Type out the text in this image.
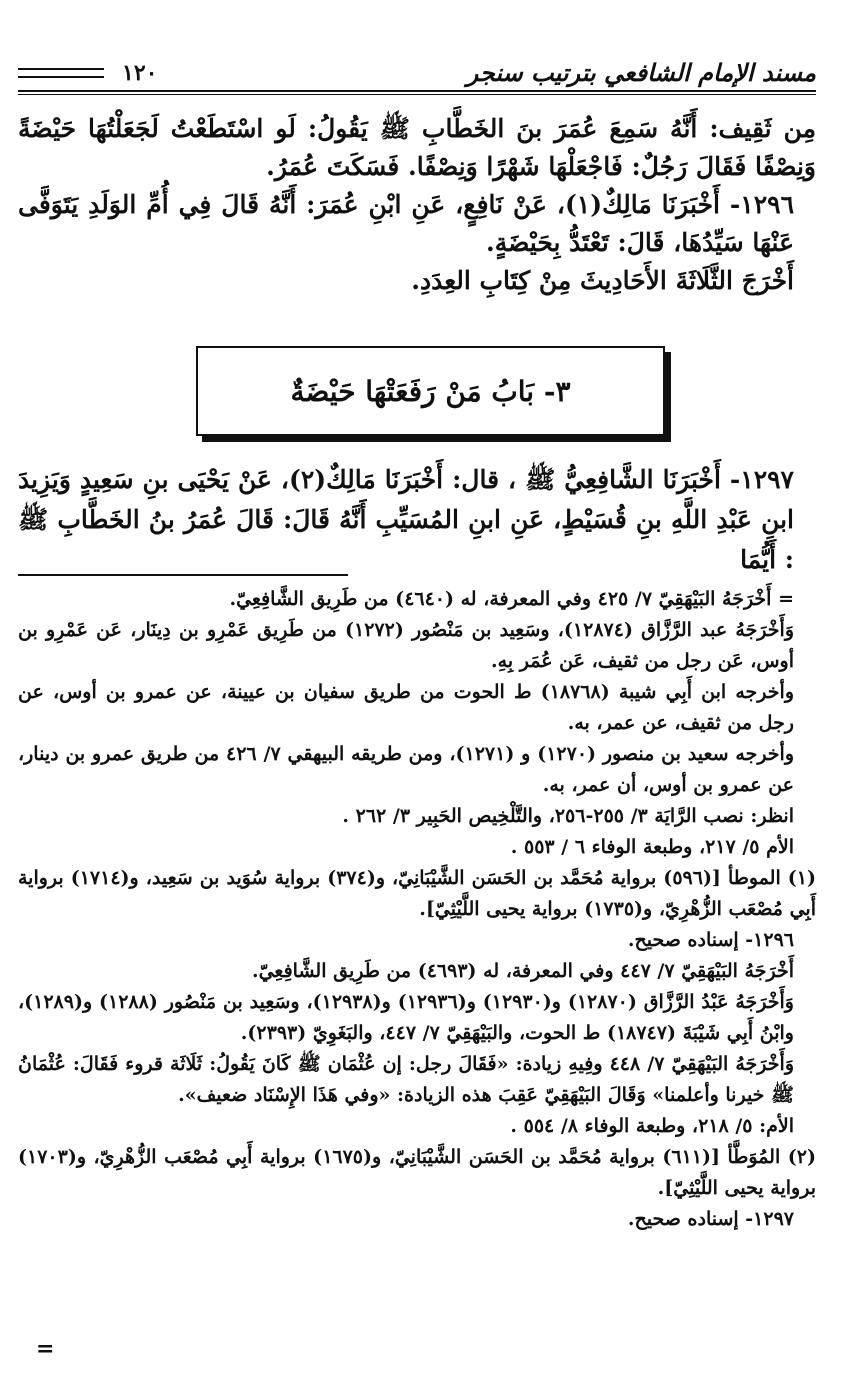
مسند الإمام الشافعي بترتيب سنجر
١٢٠

مِن ثَقِيف: أَنَّهُ سَمِعَ عُمَرَ بنَ الخَطَّابِ ﷺ يَقُولُ: لَو اسْتَطَعْتُ لَجَعَلْتُهَا حَيْضَةً وَنِصْفًا فَقَالَ رَجُلٌ: فَاجْعَلْهَا شَهْرًا وَنِصْفًا. فَسَكَتَ عُمَرُ.

١٢٩٦- أَخْبَرَنَا مَالِكٌ(١)، عَنْ نَافِعٍ، عَنِ ابْنِ عُمَرَ: أَنَّهُ قَالَ فِي أُمِّ الوَلَدِ يَتَوَفَّى عَنْهَا سَيِّدُهَا، قَالَ: تَعْتَدُّ بِحَيْضَةٍ.

أَخْرَجَ الثَّلَاثَةَ الأَحَادِيثَ مِنْ كِتَابِ العِدَدِ.

٣- بَابُ مَنْ رَفَعَتْهَا حَيْضَةٌ

١٢٩٧- أَخْبَرَنَا الشَّافِعِيُّ ﷺ ، قال: أَخْبَرَنَا مَالِكٌ(٢)، عَنْ يَحْيَى بنِ سَعِيدٍ وَيَزِيدَ ابنِ عَبْدِ اللَّهِ بنِ قُسَيْطٍ، عَنِ ابنِ المُسَيِّبِ أَنَّهُ قَالَ: قَالَ عُمَرُ بنُ الخَطَّابِ ﷺ : أَيُّمَا

= أَخْرَجَهُ البَيْهَقِيّ ٧/ ٤٢٥ وفي المعرفة، له (٤٦٤٠) من طَرِيق الشَّافِعِيّ.

وَأَخْرَجَهُ عبد الرَّزَّاق (١٢٨٧٤)، وسَعِيد بن مَنْصُور (١٢٧٢) من طَرِيق عَمْرِو بن دِينَار، عَن عَمْرِو بن أوس، عَن رجل من ثقيف، عَن عُمَر بِهِ.

وأخرجه ابن أَبِي شيبة (١٨٧٦٨) ط الحوت من طريق سفيان بن عيينة، عن عمرو بن أوس، عن رجل من ثقيف، عن عمر، به.

وأخرجه سعيد بن منصور (١٢٧٠) و (١٢٧١)، ومن طريقه البيهقي ٧/ ٤٢٦ من طريق عمرو بن دينار، عن عمرو بن أوس، أن عمر، به.

انظر: نصب الرَّايَة ٣/ ٢٥٥-٢٥٦، والتَّلْخِيص الحَبِير ٣/ ٢٦٢ .

الأم ٥/ ٢١٧، وطبعة الوفاء ٦ / ٥٥٣ .

(١) الموطأ [(٥٩٦) برواية مُحَمَّد بن الحَسَن الشَّيْبَانِيّ، و(٣٧٤) برواية سُوَيد بن سَعِيد، و(١٧١٤) برواية أَبِي مُصْعَب الزُّهْرِيّ، و(١٧٣٥) برواية يحيى اللَّيْثِيّ].

١٢٩٦- إسناده صحيح.

أَخْرَجَهُ البَيْهَقِيّ ٧/ ٤٤٧ وفي المعرفة، له (٤٦٩٣) من طَرِيق الشَّافِعِيّ.

وَأَخْرَجَهُ عَبْدُ الرَّزَّاق (١٢٨٧٠) و(١٢٩٣٠) و(١٢٩٣٦) و(١٢٩٣٨)، وسَعِيد بن مَنْصُور (١٢٨٨) و(١٢٨٩)، وابْنُ أَبِي شَيْبَةَ (١٨٧٤٧) ط الحوت، والبَيْهَقِيّ ٧/ ٤٤٧، والبَغَوِيّ (٢٣٩٣).

وَأَخْرَجَهُ البَيْهَقِيّ ٧/ ٤٤٨ وفِيهِ زيادة: «فَقَالَ رجل: إن عُثْمَان ﷺ كَانَ يَقُولُ: ثَلَاثَة قروء فَقَالَ: عُثْمَانُ ﷺ خيرنا وأعلمنا» وَقَالَ البَيْهَقِيّ عَقِبَ هذه الزيادة: «وفي هَذَا الإِسْنَاد ضعيف».

الأم: ٥/ ٢١٨، وطبعة الوفاء ٨/ ٥٥٤ .

(٢) المُوَطَّأ [(٦١١) برواية مُحَمَّد بن الحَسَن الشَّيْبَانِيّ، و(١٦٧٥) برواية أَبِي مُصْعَب الزُّهْرِيّ، و(١٧٠٣) برواية يحيى اللَّيْثِيّ].

١٢٩٧- إسناده صحيح.

=
